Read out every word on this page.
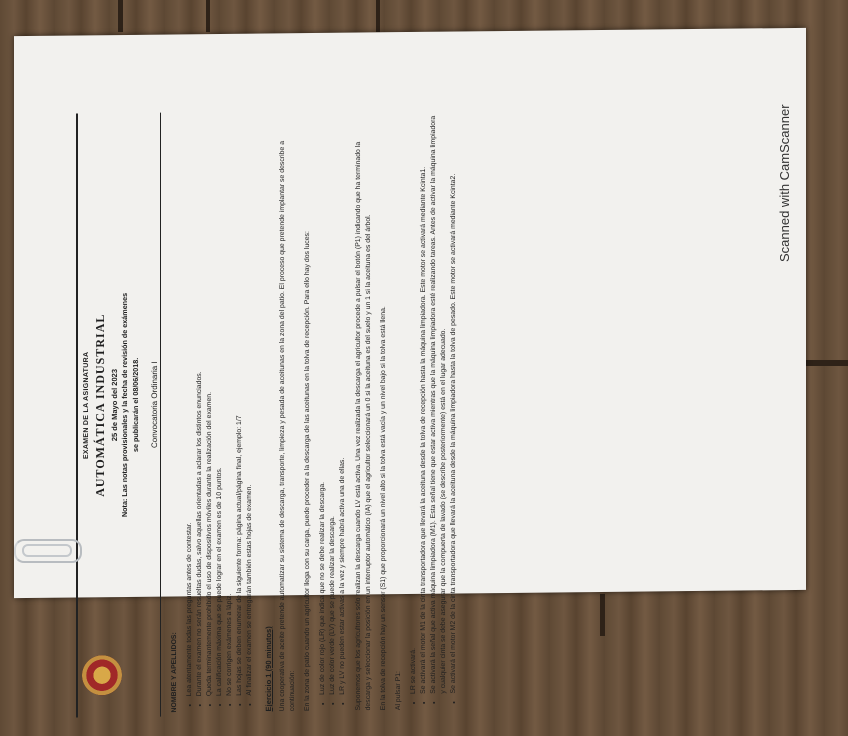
EXAMEN DE LA ASIGNATURA AUTOMÁTICA INDUSTRIAL 25 de Mayo del 2023 Nota: Las notas provisionales y la fecha de revisión de exámenes se publicarán el 08/06/2018. Convocatoria Ordinaria I

NOMBRE Y APELLIDOS: • Lea atentamente todas las preguntas antes de contestar. • Durante el examen no serán resueltas dudas, salvo aquellas orientadas a aclarar los distintos enunciados. • Queda terminantemente prohibido el uso de dispositivos móviles durante la realización del examen. • La calificación máxima que se puede lograr en el examen es de 10 puntos. • No se corrigen exámenes a lápiz. • Las hojas se deben enumerar de la siguiente forma: página actual/página final, ejemplo: 1/7 • Al finalizar el examen se entregarán también estas hojas de examen. Ejercicio 1 (90 minutos) Una cooperativa de aceite pretende automatizar su sistema de descarga, transporte, limpieza y pesada de aceitunas en la zona del patio. El proceso que pretende implantar se describe a continuación: En la zona de patio cuando un agricultor llega con su carga, puede proceder a la descarga de las aceitunas en la tolva de recepción. Para ello hay dos luces: • Luz de color rojo (LR) que indica que no se debe realizar la descarga. • Luz de color verde (LV) que se puede realizar la descarga. • LR y LV no pueden estar activas a la vez y siempre habrá activa una de ellas. Suponemos que los agricultores solo realizan la descarga cuando LV está activa. Una vez realizada la descarga el agricultor procede a pulsar el botón (P1) indicando que ha terminado la descarga y seleccionar la posición en un interruptor automático (IA) que el agricultor seleccionará un 0 si la aceituna es del suelo y un 1 si la aceituna es del árbol. En la tolva de recepción hay un sensor (S1) que proporcionará un nivel alto si la tolva está vacía y un nivel bajo si la tolva está llena. Al pulsar P1: • LR se activará. • Se activará el motor M1 de la cinta transportadora que llevará la aceituna desde la tolva de recepción hasta la máquina limpiadora. Este motor se activará mediante Kcinta1. • Se activará la señal que activa máquina limpiadora (M1). Esta señal tiene que estar activa mientras que la máquina limpiadora esté realizando tareas. Antes de activar la máquina limpiadora y cualquier cinta se debe asegurar que la compuerta de lavado (se describe posteriormente) está en el lugar adecuado. • Se activará el motor M2 de la cinta transportadora que llevará la aceituna desde la máquina limpiadora hasta la tolva de pesado. Este motor se activará mediante Kcinta2.	Scanned with CamScanner
